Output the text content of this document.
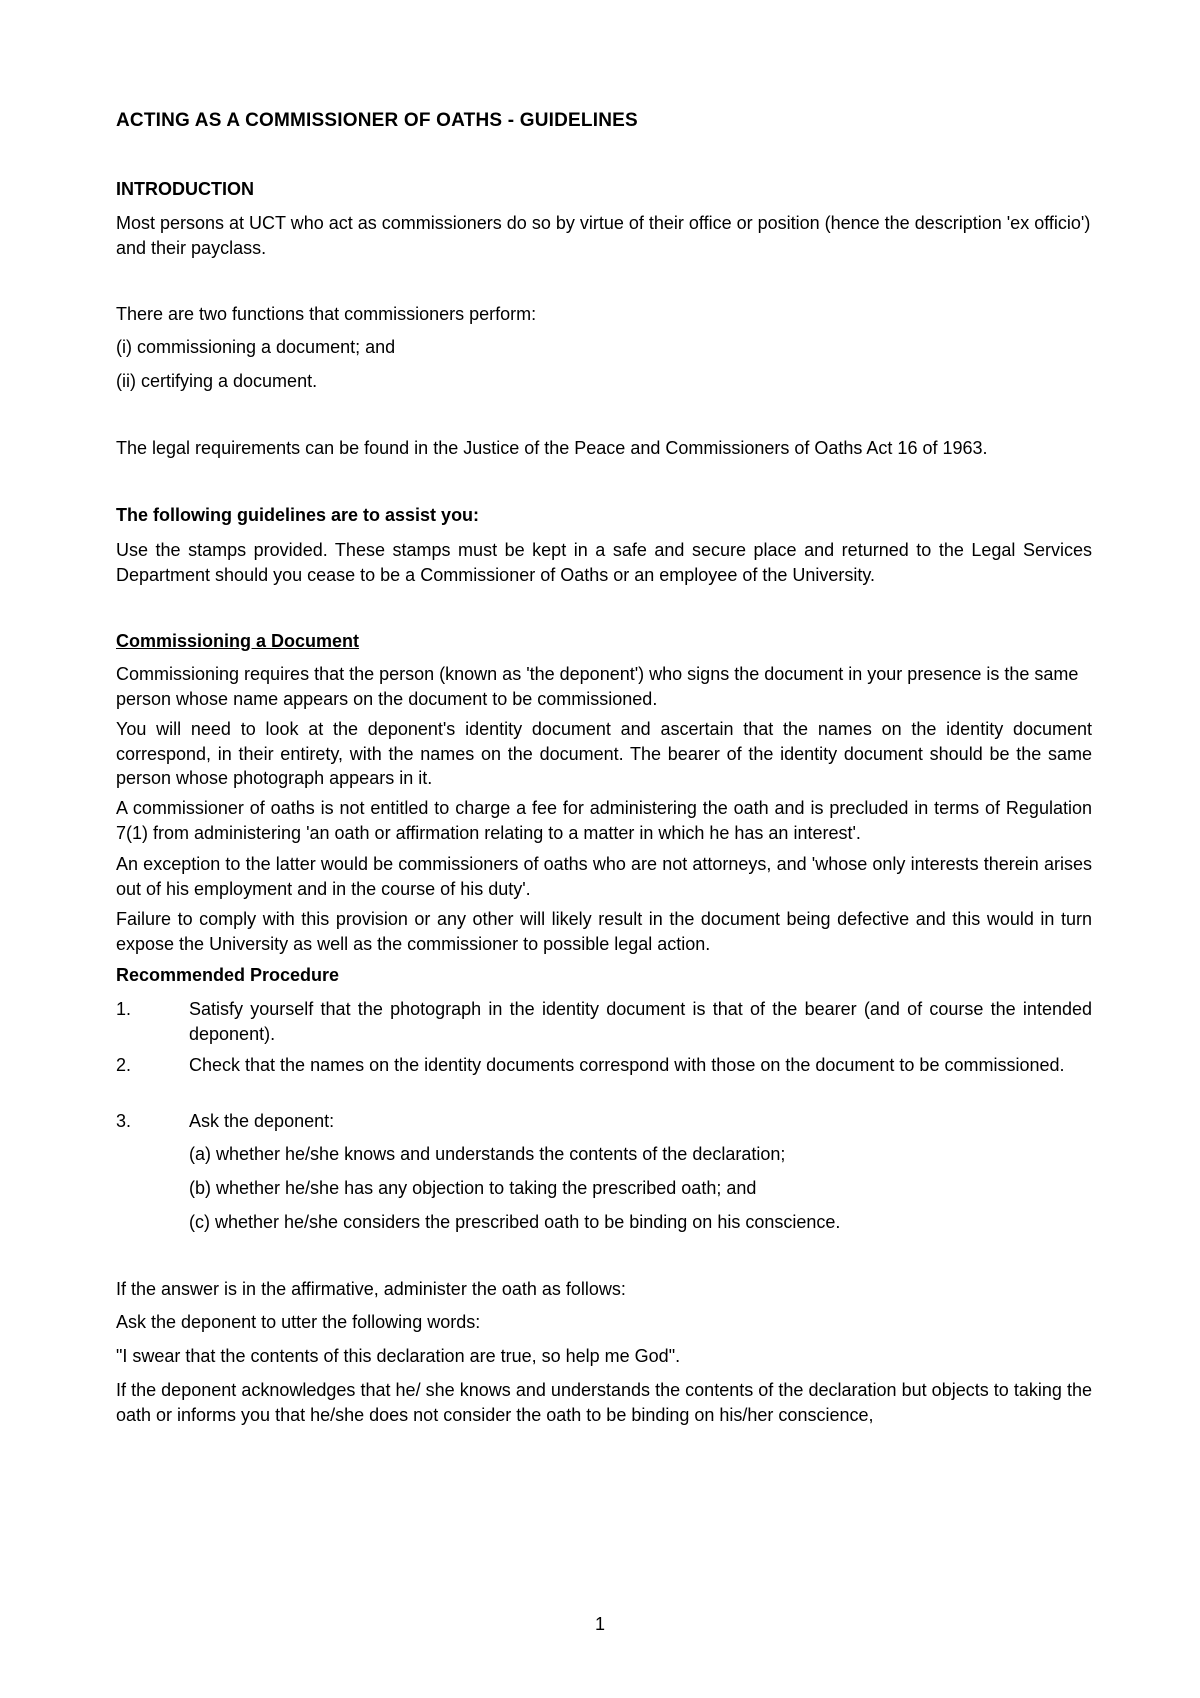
ACTING AS A COMMISSIONER OF OATHS - GUIDELINES
INTRODUCTION

Most persons at UCT who act as commissioners do so by virtue of their office or position (hence the description 'ex officio') and their payclass.

There are two functions that commissioners perform:

(i) commissioning a document; and

(ii) certifying a document.

The legal requirements can be found in the Justice of the Peace and Commissioners of Oaths Act 16 of 1963.

The following guidelines are to assist you:

Use the stamps provided. These stamps must be kept in a safe and secure place and returned to the Legal Services Department should you cease to be a Commissioner of Oaths or an employee of the University.

Commissioning a Document

Commissioning requires that the person (known as 'the deponent') who signs the document in your presence is the same person whose name appears on the document to be commissioned.

You will need to look at the deponent's identity document and ascertain that the names on the identity document correspond, in their entirety, with the names on the document. The bearer of the identity document should be the same person whose photograph appears in it.

A commissioner of oaths is not entitled to charge a fee for administering the oath and is precluded in terms of Regulation 7(1) from administering 'an oath or affirmation relating to a matter in which he has an interest'.

An exception to the latter would be commissioners of oaths who are not attorneys, and 'whose only interests therein arises out of his employment and in the course of his duty'.

Failure to comply with this provision or any other will likely result in the document being defective and this would in turn expose the University as well as the commissioner to possible legal action.

Recommended Procedure
1.	Satisfy yourself that the photograph in the identity document is that of the bearer (and of course the intended deponent).

2.	Check that the names on the identity documents correspond with those on the document to be commissioned.

3.	Ask the deponent:

(a) whether he/she knows and understands the contents of the declaration;

(b) whether he/she has any objection to taking the prescribed oath; and

(c) whether he/she considers the prescribed oath to be binding on his conscience.

If the answer is in the affirmative, administer the oath as follows:

Ask the deponent to utter the following words:

"I swear that the contents of this declaration are true, so help me God".

If the deponent acknowledges that he/ she knows and understands the contents of the declaration but objects to taking the oath or informs you that he/she does not consider the oath to be binding on his/her conscience,

1
